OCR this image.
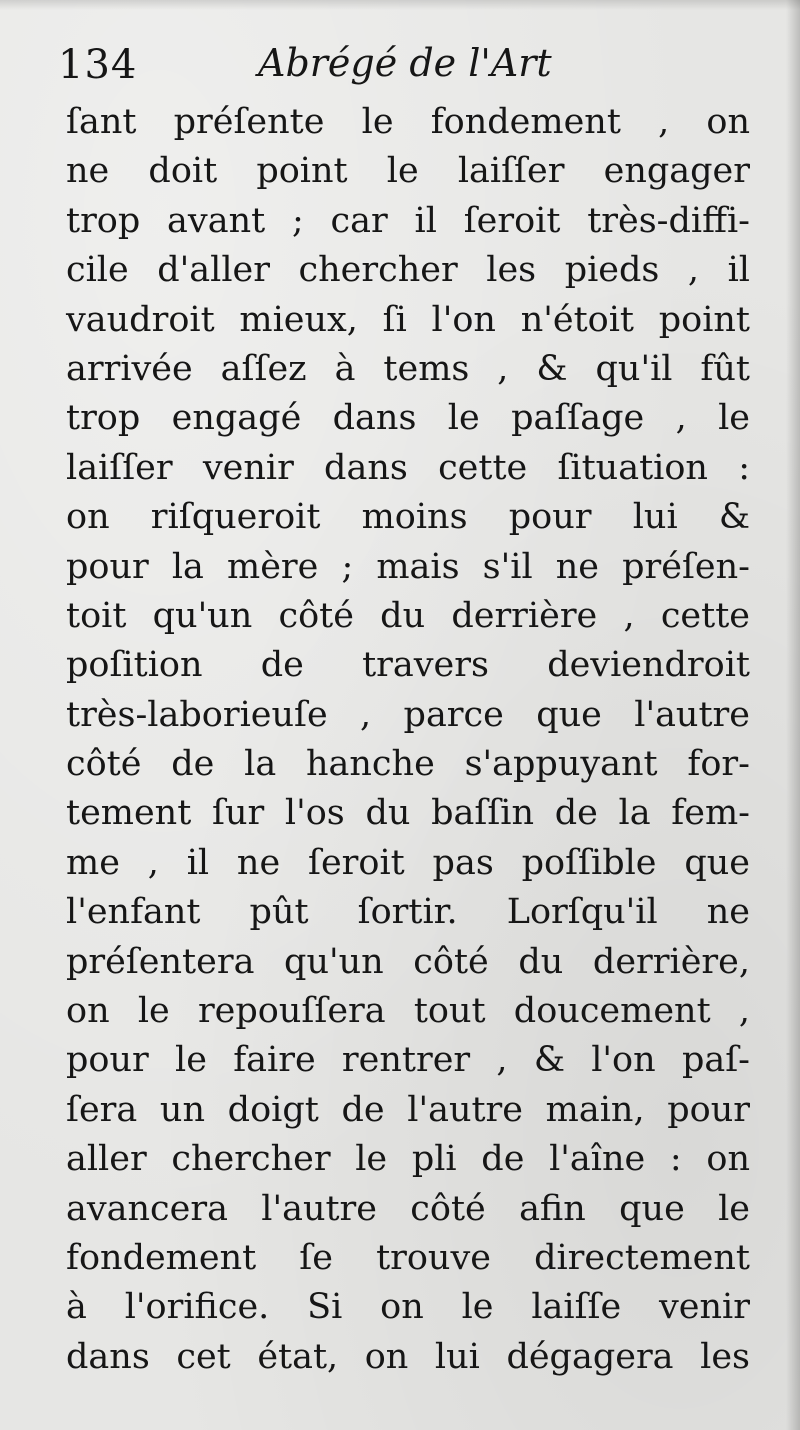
134	Abrégé de l'Art
ſant préſente le fondement , on
ne doit point le laiſſer engager
trop avant ; car il ſeroit très-diffi-
cile d'aller chercher les pieds , il
vaudroit mieux, ſi l'on n'étoit point
arrivée aſſez à tems , & qu'il fût
trop engagé dans le paſſage , le
laiſſer venir dans cette ſituation :
on riſqueroit moins pour lui &
pour la mère ; mais s'il ne préſen-
toit qu'un côté du derrière , cette
poſition de travers deviendroit
très-laborieuſe , parce que l'autre
côté de la hanche s'appuyant for-
tement ſur l'os du baſſin de la fem-
me , il ne ſeroit pas poſſible que
l'enfant pût ſortir. Lorſqu'il ne
préſentera qu'un côté du derrière,
on le repouſſera tout doucement ,
pour le faire rentrer , & l'on paſ-
ſera un doigt de l'autre main, pour
aller chercher le pli de l'aîne : on
avancera l'autre côté afin que le
fondement ſe trouve directement
à l'orifice. Si on le laiſſe venir
dans cet état, on lui dégagera les
